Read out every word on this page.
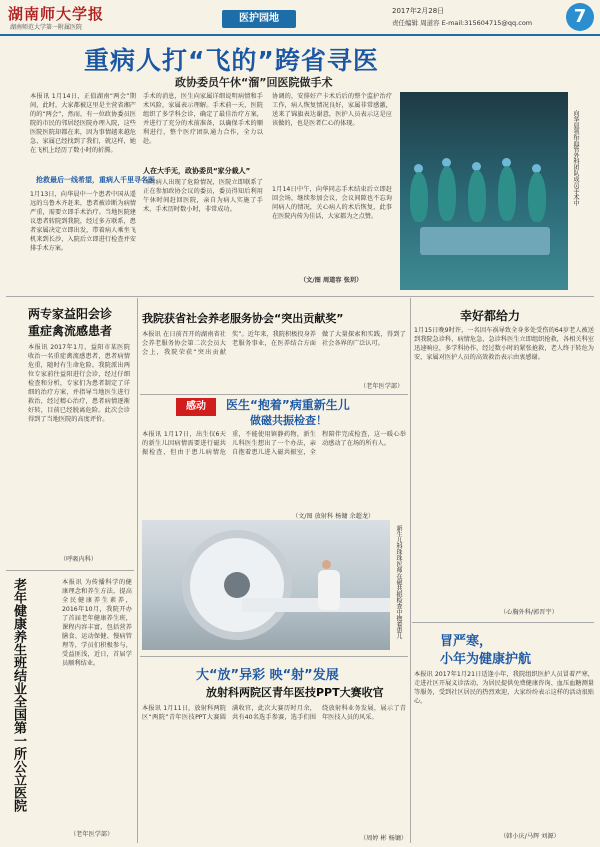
湖南师大学报
湖南师范大学第一附属医院
医护园地
2017年2月28日
责任编辑 周道容 E-mail:315604715@qq.com	7
重病人打“飞的”跨省寻医
政协委员午休“溜”回医院做手术
本报讯 1月14日，正值湖南“两会”期间，此时，大家都被这里是主营省湘产的的“两会”，然而，有一位政协委员医院的市民的邻居经医院办理入院，这些医院医院却都在来，因为事情越来越危急，家属已经找到了我们，就这样，她在飞机上经历了数小时的折腾。
抢救最后一线希望，重病人千里寻名医
1月13日，向华晨中一个患者中国从遥远的乌鲁木齐赶来，患者被诊断为病情严重，需要立即手术治疗。当地医院建议患者转院到我院，经过多方联系，患者家属决定立即出发，带着病人乘坐飞机来到长沙，入院后立即进行检查并安排手术方案。
手术的消息，医生向家属详细说明病情和手术风险，家属表示理解。手术前一天，医院组织了多学科会诊，确定了最佳治疗方案，并进行了充分的术前准备，以确保手术的顺利进行，整个医疗团队通力合作，全力以赴。
人在大手无，政协委员“家分裁人”
当时病人出现了危险情况，医院立即联系了正在参加政协会议的委员，委员得知后利用午休时间赶回医院，亲自为病人实施了手术，手术历时数小时，非常成功。
协调的，安排好产卡术后后的整个监护治疗工作，病人恢复情况良好，家属非常感激，送来了锦旗表达谢意，医护人员表示这是应该做的，也是医者仁心的体现。
1月14日中午，向华同志手术结束后立即赶回会场，继续参加会议，会议间隙也不忘询问病人的情况，关心病人的术后恢复，此事在医院内传为佳话，大家都为之点赞。
（文/图 周道容 张玥）
向华晨领衔血管外科团队成员手术中
两专家益阳会诊
重症禽流感患者
本报讯 2017年1月，益阳市某医院收治一名重症禽流感患者，患者病情危重，随时有生命危险。我院派出两位专家前往益阳进行会诊，经过仔细检查和分析，专家们为患者制定了详细的治疗方案，并指导当地医生进行救治，经过精心治疗，患者病情逐渐好转，目前已经脱离危险。此次会诊得到了当地医院的高度评价。
（呼吸内科）
老年健康养生班结业全国第一所公立医院	本报讯 为传播科学的健康理念和养生方法，提高全民健康养生素养，2016年10月，我院开办了首届老年健康养生班，课程内容丰富，包括营养膳食、运动保健、慢病管理等，学员们积极参与，受益匪浅，近日，首届学员顺利结业。
（老年医学部）
我院获省社会养老服务协会“突出贡献奖”
本报讯 在日前召开的湖南省社会养老服务协会第二次会员大会上，我院荣获“突出贡献奖”。近年来，我院积极投身养老服务事业，在医养结合方面做了大量探索和实践，得到了社会各界的广泛认可。
（老年医学部）
感动	医生“抱着”病重新生儿
做磁共振检查！
本报讯 1月17日，出生仅6天的新生儿因病情需要进行磁共振检查，但由于患儿病情危重，不能使用镇静药物，新生儿科医生想出了一个办法，亲自抱着患儿进入磁共振室，全程陪伴完成检查，这一暖心举动感动了在场的所有人。
（文/图 放射科 杨镛 余超龙）
新生儿科珠珠医师在磁共振检查中抱着患儿
大“放”异彩 映“射”发展
放射科两院区青年医技PPT大赛收官
本报讯 1月11日，放射科两院区“两院”青年医技PPT大赛圆满收官，此次大赛历时月余，共有40名选手参赛，选手们围绕放射科业务发展，展示了青年医技人员的风采。
（周婷 彬 杨镛）
幸好都给力
1月15日晚9时许，一名因车祸导致全身多处受伤的64岁老人被送到我院急诊科，病情危急，急诊科医生立即组织抢救，各相关科室迅速响应，多学科协作，经过数小时的紧张抢救，老人终于转危为安，家属对医护人员的高效救治表示由衷感谢。
（心胸外科/郭晋宇）
冒严寒，
小年为健康护航
本报讯 2017年1月21日适逢小年，我院组织医护人员冒着严寒，走进社区开展义诊活动，为居民提供免费健康咨询、血压血糖测量等服务，受到社区居民的热烈欢迎，大家纷纷表示这样的活动很贴心。
（韩小庆/马辉 刘源）
